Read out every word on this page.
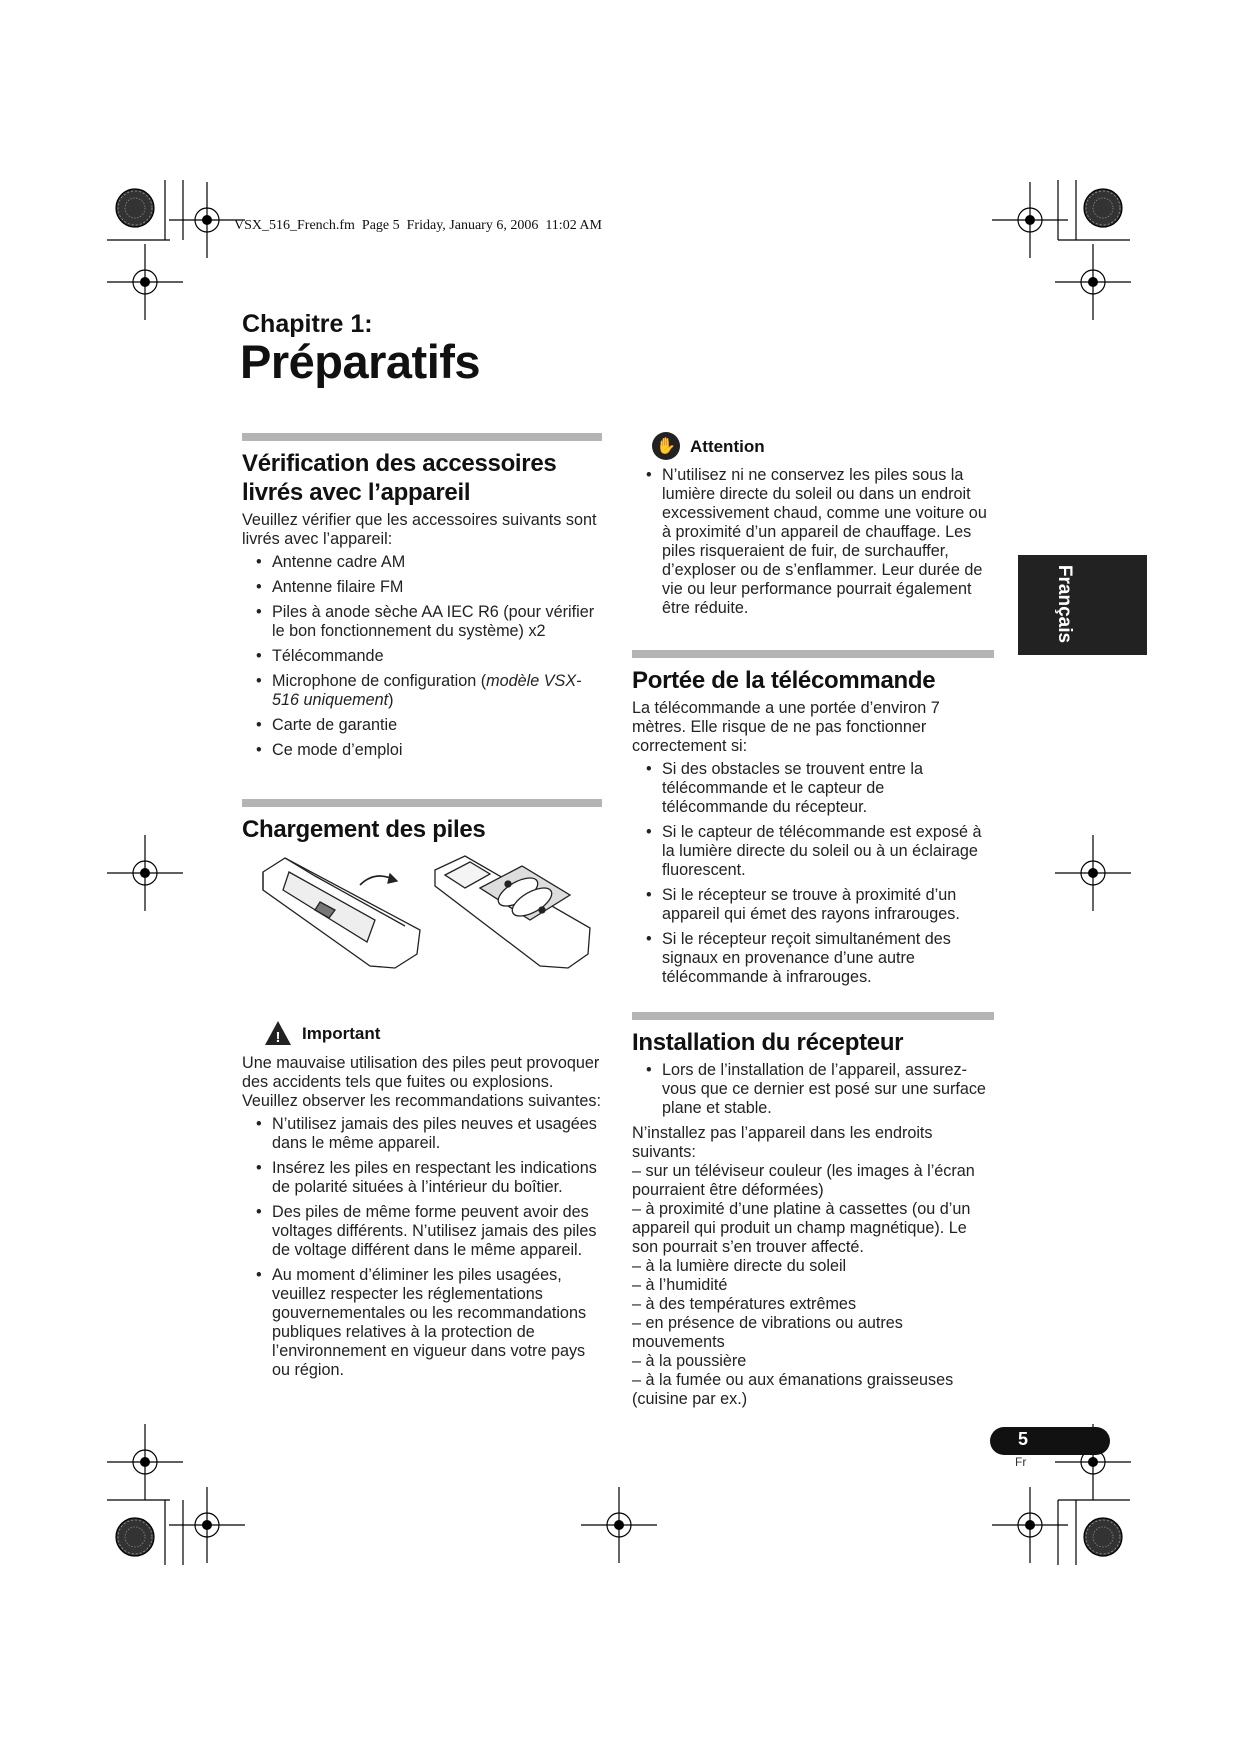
VSX_516_French.fm  Page 5  Friday, January 6, 2006  11:02 AM
Chapitre 1:
Préparatifs
Vérification des accessoires livrés avec l’appareil

Veuillez vérifier que les accessoires suivants sont livrés avec l’appareil:

• Antenne cadre AM
• Antenne filaire FM
• Piles à anode sèche AA IEC R6 (pour vérifier le bon fonctionnement du système) x2
• Télécommande
• Microphone de configuration (modèle VSX-516 uniquement)
• Carte de garantie
• Ce mode d’emploi
Chargement des piles
! Important

Une mauvaise utilisation des piles peut provoquer des accidents tels que fuites ou explosions. Veuillez observer les recommandations suivantes:

• N’utilisez jamais des piles neuves et usagées dans le même appareil.
• Insérez les piles en respectant les indications de polarité situées à l’intérieur du boîtier.
• Des piles de même forme peuvent avoir des voltages différents. N’utilisez jamais des piles de voltage différent dans le même appareil.
• Au moment d’éliminer les piles usagées, veuillez respecter les réglementations gouvernementales ou les recommandations publiques relatives à la protection de l’environnement en vigueur dans votre pays ou région.
✋ Attention
• N’utilisez ni ne conservez les piles sous la lumière directe du soleil ou dans un endroit excessivement chaud, comme une voiture ou à proximité d’un appareil de chauffage. Les piles risqueraient de fuir, de surchauffer, d’exploser ou de s’enflammer. Leur durée de vie ou leur performance pourrait également être réduite.
Portée de la télécommande

La télécommande a une portée d’environ 7 mètres. Elle risque de ne pas fonctionner correctement si:

• Si des obstacles se trouvent entre la télécommande et le capteur de télécommande du récepteur.
• Si le capteur de télécommande est exposé à la lumière directe du soleil ou à un éclairage fluorescent.
• Si le récepteur se trouve à proximité d’un appareil qui émet des rayons infrarouges.
• Si le récepteur reçoit simultanément des signaux en provenance d’une autre télécommande à infrarouges.
Installation du récepteur
• Lors de l’installation de l’appareil, assurez-vous que ce dernier est posé sur une surface plane et stable.

N’installez pas l’appareil dans les endroits suivants:

– sur un téléviseur couleur (les images à l’écran pourraient être déformées)
– à proximité d’une platine à cassettes (ou d’un appareil qui produit un champ magnétique). Le son pourrait s’en trouver affecté.
– à la lumière directe du soleil
– à l’humidité
– à des températures extrêmes
– en présence de vibrations ou autres mouvements
– à la poussière
– à la fumée ou aux émanations graisseuses (cuisine par ex.)
Français
5
Fr
